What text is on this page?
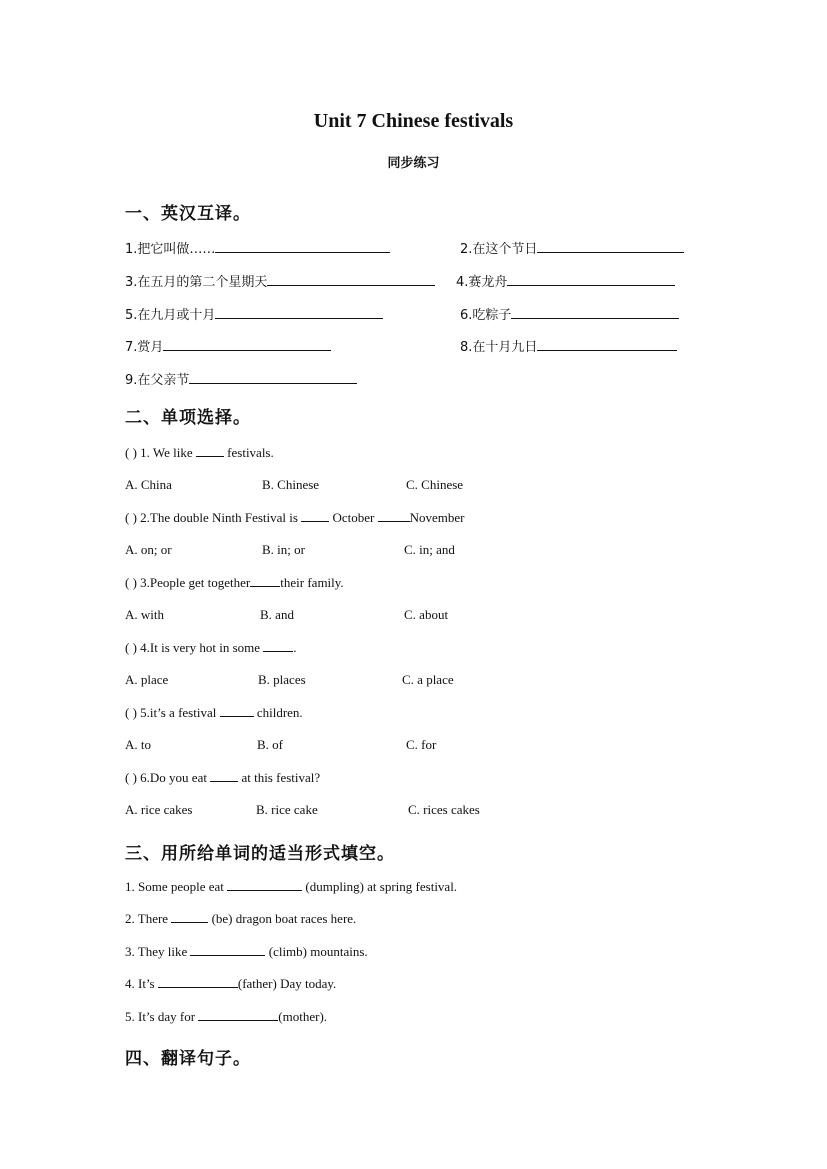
Unit 7 Chinese festivals
同步练习
一、英汉互译。
1.把它叫做……	2.在这个节日
3.在五月的第二个星期天	4.赛龙舟
5.在九月或十月	6.吃粽子
7.赏月	8.在十月九日
9.在父亲节
二、单项选择。
( ) 1. We like  festivals.
A. China	B. Chinese	C. Chinese
( ) 2.The double Ninth Festival is  October November
A. on; or	B. in; or	C. in; and
( ) 3.People get together their family.
A. with	B. and	C. about
( ) 4.It is very hot in some .
A. place	B. places	C. a place
( ) 5.it’s a festival	children.
A. to	B. of	C. for
( ) 6.Do you eat  at this festival?
A. rice cakes	B. rice cake	C. rices cakes
三、用所给单词的适当形式填空。
1. Some people eat	(dumpling) at spring festival.
2. There	(be) dragon boat races here.
3. They like	(climb) mountains.
4. It’s	(father) Day today.
5. It’s day for	(mother).
四、翻译句子。
